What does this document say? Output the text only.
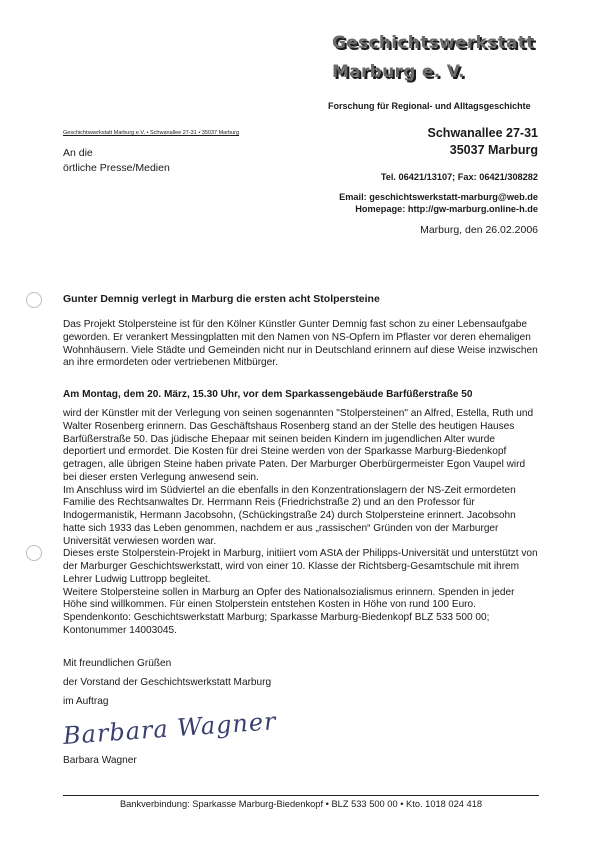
Geschichtswerkstatt
Marburg e. V.
Forschung für Regional- und Alltagsgeschichte
Geschichtswerkstatt Marburg e.V. • Schwanallee 27-31 • 35037 Marburg
An die
örtliche Presse/Medien
Schwanallee 27-31
35037 Marburg
Tel. 06421/13107; Fax: 06421/308282
Email: geschichtswerkstatt-marburg@web.de
Homepage: http://gw-marburg.online-h.de
Marburg, den 26.02.2006
Gunter Demnig verlegt in Marburg die ersten acht Stolpersteine

Das Projekt Stolpersteine ist für den Kölner Künstler Gunter Demnig fast schon zu einer Lebensaufgabe geworden. Er verankert Messingplatten mit den Namen von NS-Opfern im Pflaster vor deren ehemaligen Wohnhäusern. Viele Städte und Gemeinden nicht nur in Deutschland erinnern auf diese Weise inzwischen an ihre ermordeten oder vertriebenen Mitbürger.

Am Montag, dem 20. März, 15.30 Uhr, vor dem Sparkassengebäude Barfüßerstraße 50

wird der Künstler mit der Verlegung von seinen sogenannten "Stolpersteinen" an Alfred, Estella, Ruth und Walter Rosenberg erinnern. Das Geschäftshaus Rosenberg stand an der Stelle des heutigen Hauses Barfüßerstraße 50. Das jüdische Ehepaar mit seinen beiden Kindern im jugendlichen Alter wurde deportiert und ermordet. Die Kosten für drei Steine werden von der Sparkasse Marburg-Biedenkopf getragen, alle übrigen Steine haben private Paten. Der Marburger Oberbürgermeister Egon Vaupel wird bei dieser ersten Verlegung anwesend sein.

Im Anschluss wird im Südviertel an die ebenfalls in den Konzentrationslagern der NS-Zeit ermordeten Familie des Rechtsanwaltes Dr. Herrmann Reis (Friedrichstraße 2) und an den Professor für Indogermanistik, Hermann Jacobsohn, (Schückingstraße 24) durch Stolpersteine erinnert. Jacobsohn hatte sich 1933 das Leben genommen, nachdem er aus „rassischen“ Gründen von der Marburger Universität verwiesen worden war.

Dieses erste Stolperstein-Projekt in Marburg, initiiert vom AStA der Philipps-Universität und unterstützt von der Marburger Geschichtswerkstatt, wird von einer 10. Klasse der Richtsberg-Gesamtschule mit ihrem Lehrer Ludwig Luttropp begleitet.

Weitere Stolpersteine sollen in Marburg an Opfer des Nationalsozialismus erinnern. Spenden in jeder Höhe sind willkommen. Für einen Stolperstein entstehen Kosten in Höhe von rund 100 Euro. Spendenkonto: Geschichtswerkstatt Marburg; Sparkasse Marburg-Biedenkopf BLZ 533 500 00; Kontonummer 14003045.

Mit freundlichen Grüßen
der Vorstand der Geschichtswerkstatt Marburg
im Auftrag
Barbara Wagner
Barbara Wagner
Bankverbindung: Sparkasse Marburg-Biedenkopf • BLZ 533 500 00 • Kto. 1018 024 418
